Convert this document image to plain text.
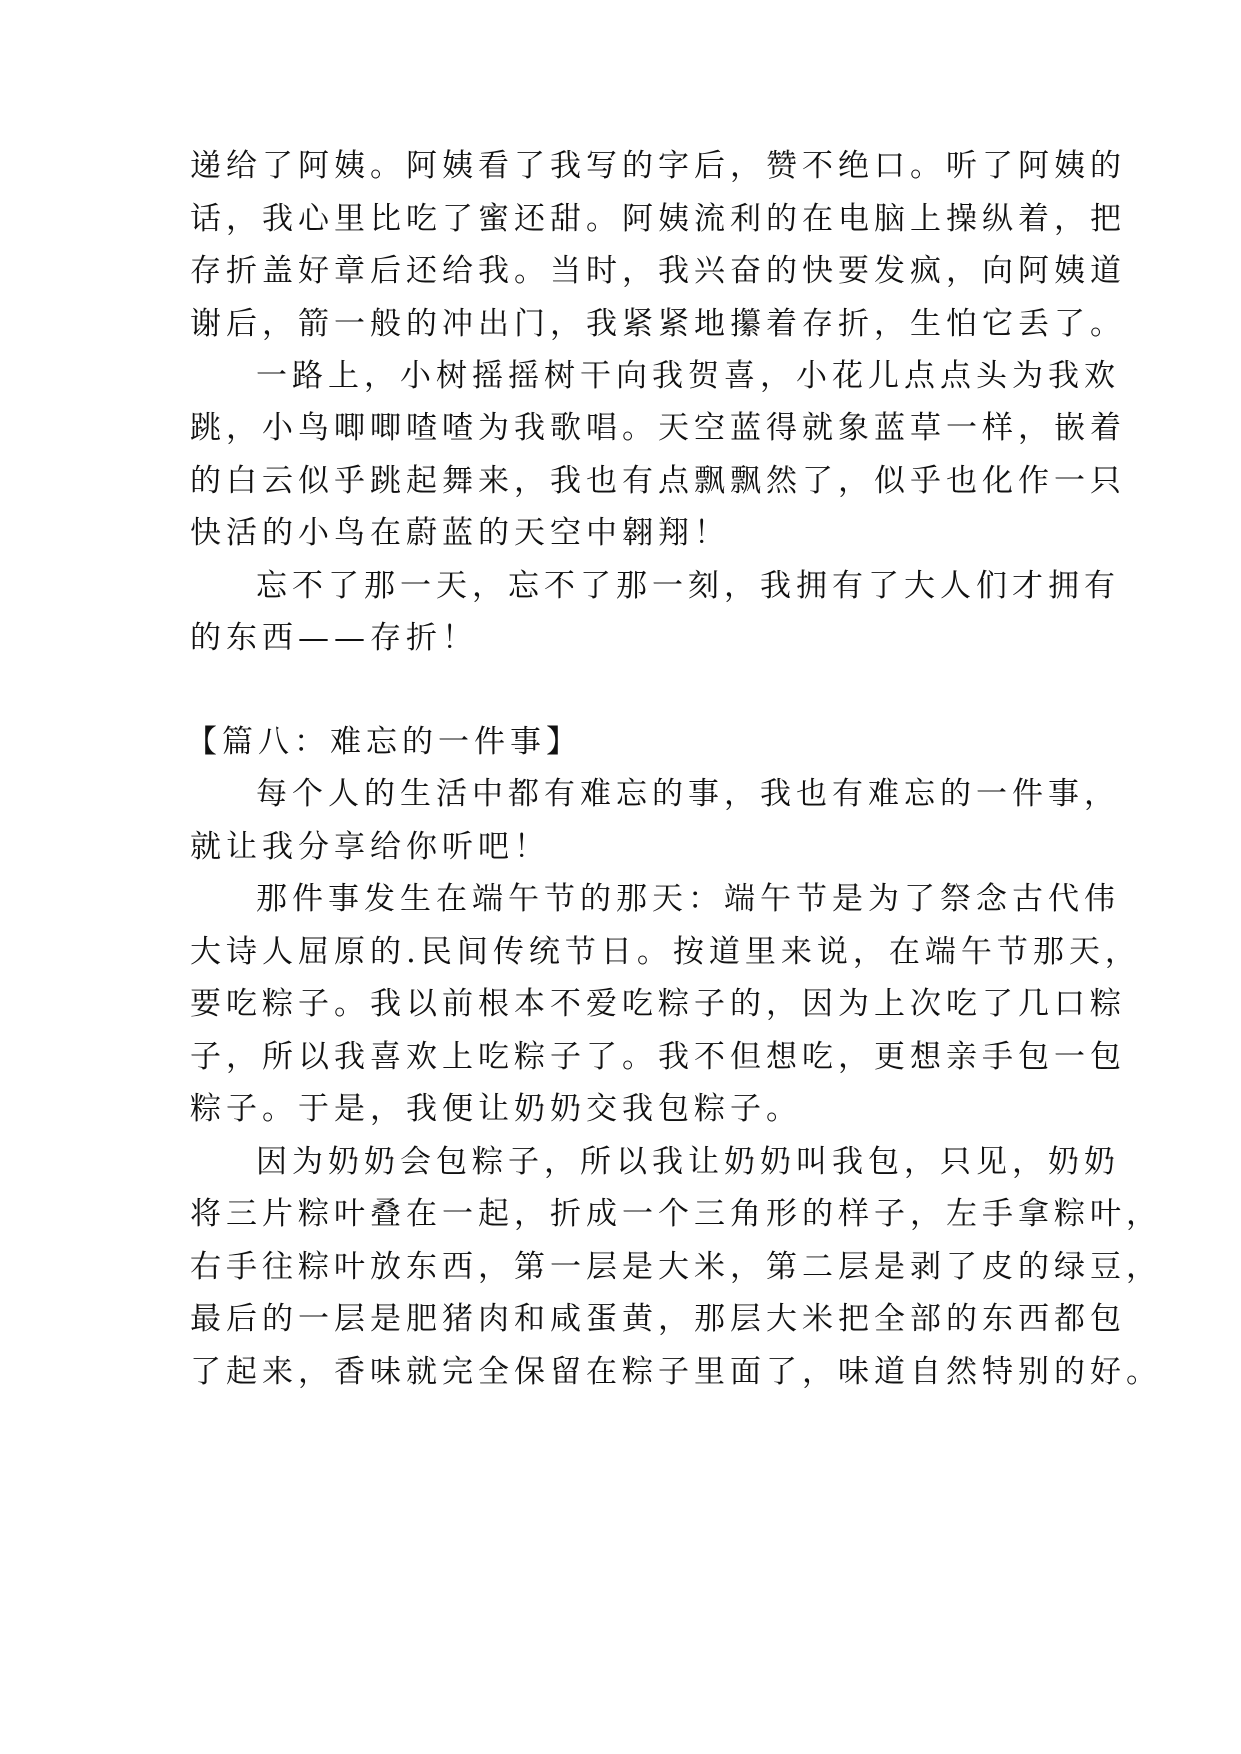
递给了阿姨。阿姨看了我写的字后，赞不绝口。听了阿姨的
话，我心里比吃了蜜还甜。阿姨流利的在电脑上操纵着，把
存折盖好章后还给我。当时，我兴奋的快要发疯，向阿姨道
谢后，箭一般的冲出门，我紧紧地攥着存折，生怕它丢了。
一路上，小树摇摇树干向我贺喜，小花儿点点头为我欢
跳，小鸟唧唧喳喳为我歌唱。天空蓝得就象蓝草一样，嵌着
的白云似乎跳起舞来，我也有点飘飘然了，似乎也化作一只
快活的小鸟在蔚蓝的天空中翱翔！
忘不了那一天，忘不了那一刻，我拥有了大人们才拥有
的东西——存折！
【篇八：难忘的一件事】
每个人的生活中都有难忘的事，我也有难忘的一件事，
就让我分享给你听吧！
那件事发生在端午节的那天：端午节是为了祭念古代伟
大诗人屈原的.民间传统节日。按道里来说，在端午节那天，
要吃粽子。我以前根本不爱吃粽子的，因为上次吃了几口粽
子，所以我喜欢上吃粽子了。我不但想吃，更想亲手包一包
粽子。于是，我便让奶奶交我包粽子。
因为奶奶会包粽子，所以我让奶奶叫我包，只见，奶奶
将三片粽叶叠在一起，折成一个三角形的样子，左手拿粽叶，
右手往粽叶放东西，第一层是大米，第二层是剥了皮的绿豆，
最后的一层是肥猪肉和咸蛋黄，那层大米把全部的东西都包
了起来，香味就完全保留在粽子里面了，味道自然特别的好。
